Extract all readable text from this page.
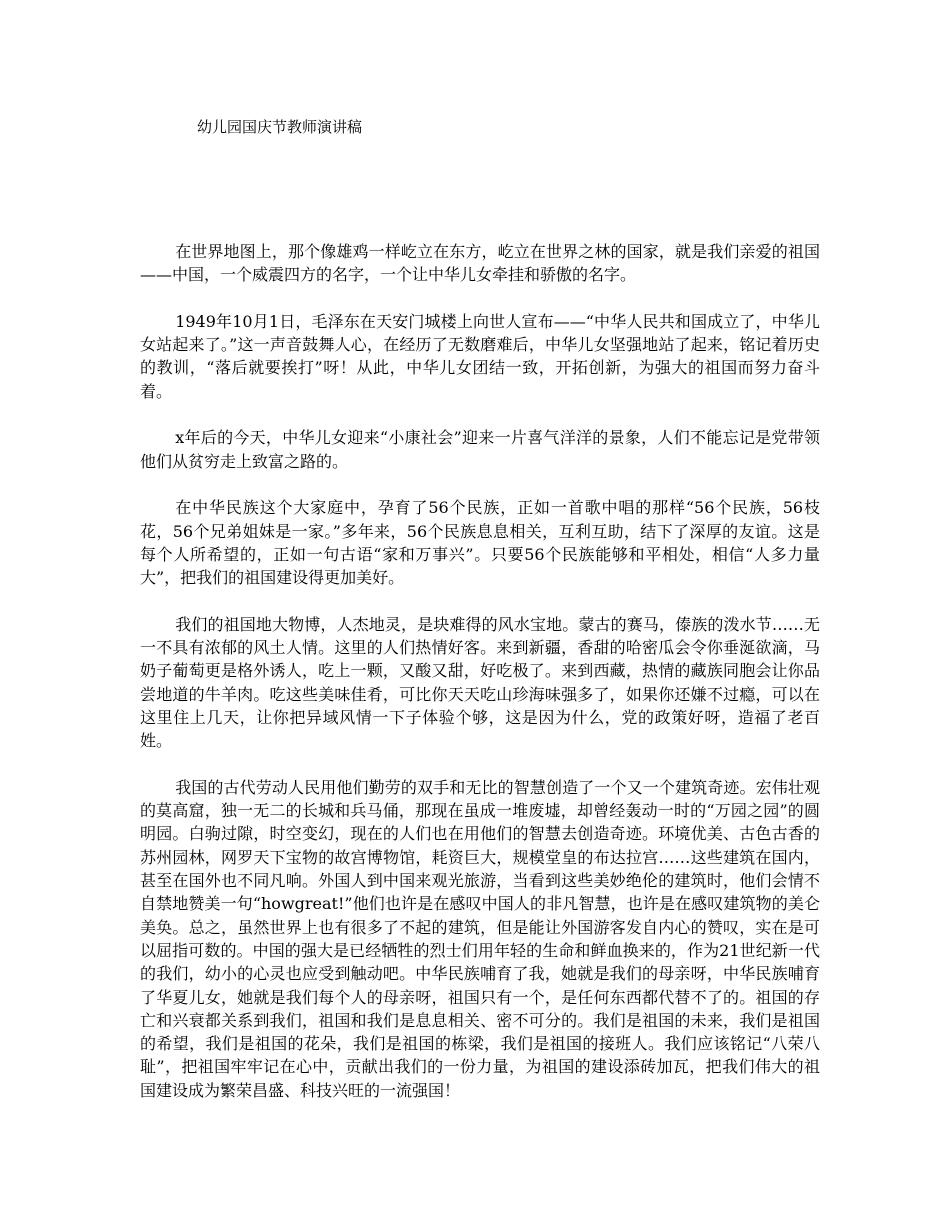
幼儿园国庆节教师演讲稿

在世界地图上，那个像雄鸡一样屹立在东方，屹立在世界之林的国家，就是我们亲爱的祖国——中国，一个威震四方的名字，一个让中华儿女牵挂和骄傲的名字。

1949年10月1日，毛泽东在天安门城楼上向世人宣布——“中华人民共和国成立了，中华儿女站起来了。”这一声音鼓舞人心，在经历了无数磨难后，中华儿女坚强地站了起来，铭记着历史的教训，“落后就要挨打”呀！从此，中华儿女团结一致，开拓创新，为强大的祖国而努力奋斗着。

x年后的今天，中华儿女迎来“小康社会”迎来一片喜气洋洋的景象，人们不能忘记是党带领他们从贫穷走上致富之路的。

在中华民族这个大家庭中，孕育了56个民族，正如一首歌中唱的那样“56个民族，56枝花，56个兄弟姐妹是一家。”多年来，56个民族息息相关，互利互助，结下了深厚的友谊。这是每个人所希望的，正如一句古语“家和万事兴”。只要56个民族能够和平相处，相信“人多力量大”，把我们的祖国建设得更加美好。

我们的祖国地大物博，人杰地灵，是块难得的风水宝地。蒙古的赛马，傣族的泼水节……无一不具有浓郁的风土人情。这里的人们热情好客。来到新疆，香甜的哈密瓜会令你垂涎欲滴，马奶子葡萄更是格外诱人，吃上一颗，又酸又甜，好吃极了。来到西藏，热情的藏族同胞会让你品尝地道的牛羊肉。吃这些美味佳肴，可比你天天吃山珍海味强多了，如果你还嫌不过瘾，可以在这里住上几天，让你把异域风情一下子体验个够，这是因为什么，党的政策好呀，造福了老百姓。

我国的古代劳动人民用他们勤劳的双手和无比的智慧创造了一个又一个建筑奇迹。宏伟壮观的莫高窟，独一无二的长城和兵马俑，那现在虽成一堆废墟，却曾经轰动一时的“万园之园”的圆明园。白驹过隙，时空变幻，现在的人们也在用他们的智慧去创造奇迹。环境优美、古色古香的苏州园林，网罗天下宝物的故宫博物馆，耗资巨大，规模堂皇的布达拉宫……这些建筑在国内，甚至在国外也不同凡响。外国人到中国来观光旅游，当看到这些美妙绝伦的建筑时，他们会情不自禁地赞美一句“howgreat!”他们也许是在感叹中国人的非凡智慧，也许是在感叹建筑物的美仑美奂。总之，虽然世界上也有很多了不起的建筑，但是能让外国游客发自内心的赞叹，实在是可以屈指可数的。中国的强大是已经牺牲的烈士们用年轻的生命和鲜血换来的，作为21世纪新一代的我们，幼小的心灵也应受到触动吧。中华民族哺育了我，她就是我们的母亲呀，中华民族哺育了华夏儿女，她就是我们每个人的母亲呀，祖国只有一个，是任何东西都代替不了的。祖国的存亡和兴衰都关系到我们，祖国和我们是息息相关、密不可分的。我们是祖国的未来，我们是祖国的希望，我们是祖国的花朵，我们是祖国的栋梁，我们是祖国的接班人。我们应该铭记“八荣八耻”，把祖国牢牢记在心中，贡献出我们的一份力量，为祖国的建设添砖加瓦，把我们伟大的祖国建设成为繁荣昌盛、科技兴旺的一流强国！
